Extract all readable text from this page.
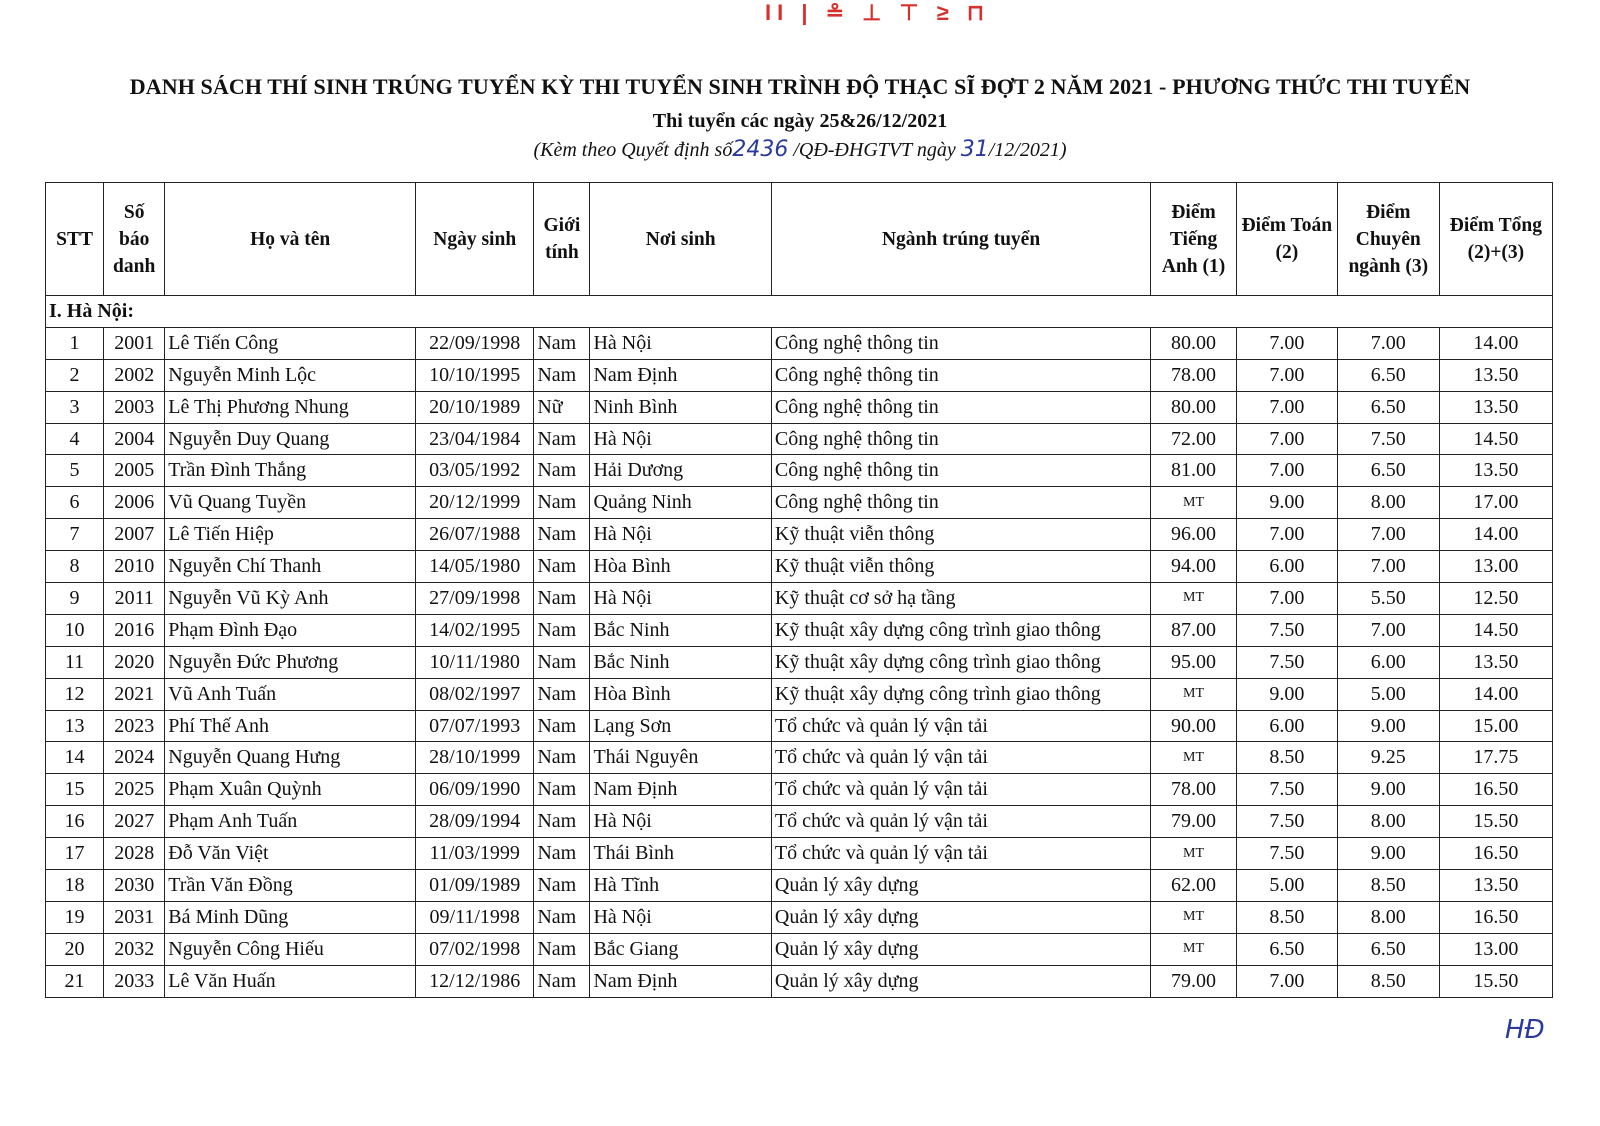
II | ≗ ⊥ ⊤ ≥ ⊓
DANH SÁCH THÍ SINH TRÚNG TUYỂN KỲ THI TUYỂN SINH TRÌNH ĐỘ THẠC SĨ ĐỢT 2 NĂM 2021 - PHƯƠNG THỨC THI TUYỂN
Thi tuyển các ngày 25&26/12/2021
(Kèm theo Quyết định số2436 /QĐ-ĐHGTVT ngày 31/12/2021)
STT	Số báo danh	Họ và tên	Ngày sinh	Giới tính	Nơi sinh	Ngành trúng tuyển	Điểm Tiếng Anh (1)	Điểm Toán (2)	Điểm Chuyên ngành (3)	Điểm Tổng (2)+(3)
I. Hà Nội:										
1	2001	Lê Tiến Công	22/09/1998	Nam	Hà Nội	Công nghệ thông tin	80.00	7.00	7.00	14.00
2	2002	Nguyễn Minh Lộc	10/10/1995	Nam	Nam Định	Công nghệ thông tin	78.00	7.00	6.50	13.50
3	2003	Lê Thị Phương Nhung	20/10/1989	Nữ	Ninh Bình	Công nghệ thông tin	80.00	7.00	6.50	13.50
4	2004	Nguyễn Duy Quang	23/04/1984	Nam	Hà Nội	Công nghệ thông tin	72.00	7.00	7.50	14.50
5	2005	Trần Đình Thắng	03/05/1992	Nam	Hải Dương	Công nghệ thông tin	81.00	7.00	6.50	13.50
6	2006	Vũ Quang Tuyền	20/12/1999	Nam	Quảng Ninh	Công nghệ thông tin	MT	9.00	8.00	17.00
7	2007	Lê Tiến Hiệp	26/07/1988	Nam	Hà Nội	Kỹ thuật viễn thông	96.00	7.00	7.00	14.00
8	2010	Nguyễn Chí Thanh	14/05/1980	Nam	Hòa Bình	Kỹ thuật viễn thông	94.00	6.00	7.00	13.00
9	2011	Nguyễn Vũ Kỳ Anh	27/09/1998	Nam	Hà Nội	Kỹ thuật cơ sở hạ tầng	MT	7.00	5.50	12.50
10	2016	Phạm Đình Đạo	14/02/1995	Nam	Bắc Ninh	Kỹ thuật xây dựng công trình giao thông	87.00	7.50	7.00	14.50
11	2020	Nguyễn Đức Phương	10/11/1980	Nam	Bắc Ninh	Kỹ thuật xây dựng công trình giao thông	95.00	7.50	6.00	13.50
12	2021	Vũ Anh Tuấn	08/02/1997	Nam	Hòa Bình	Kỹ thuật xây dựng công trình giao thông	MT	9.00	5.00	14.00
13	2023	Phí Thế Anh	07/07/1993	Nam	Lạng Sơn	Tổ chức và quản lý vận tải	90.00	6.00	9.00	15.00
14	2024	Nguyễn Quang Hưng	28/10/1999	Nam	Thái Nguyên	Tổ chức và quản lý vận tải	MT	8.50	9.25	17.75
15	2025	Phạm Xuân Quỳnh	06/09/1990	Nam	Nam Định	Tổ chức và quản lý vận tải	78.00	7.50	9.00	16.50
16	2027	Phạm Anh Tuấn	28/09/1994	Nam	Hà Nội	Tổ chức và quản lý vận tải	79.00	7.50	8.00	15.50
17	2028	Đỗ Văn Việt	11/03/1999	Nam	Thái Bình	Tổ chức và quản lý vận tải	MT	7.50	9.00	16.50
18	2030	Trần Văn Đồng	01/09/1989	Nam	Hà Tĩnh	Quản lý xây dựng	62.00	5.00	8.50	13.50
19	2031	Bá Minh Dũng	09/11/1998	Nam	Hà Nội	Quản lý xây dựng	MT	8.50	8.00	16.50
20	2032	Nguyễn Công Hiếu	07/02/1998	Nam	Bắc Giang	Quản lý xây dựng	MT	6.50	6.50	13.00
21	2033	Lê Văn Huấn	12/12/1986	Nam	Nam Định	Quản lý xây dựng	79.00	7.00	8.50	15.50
HĐ
